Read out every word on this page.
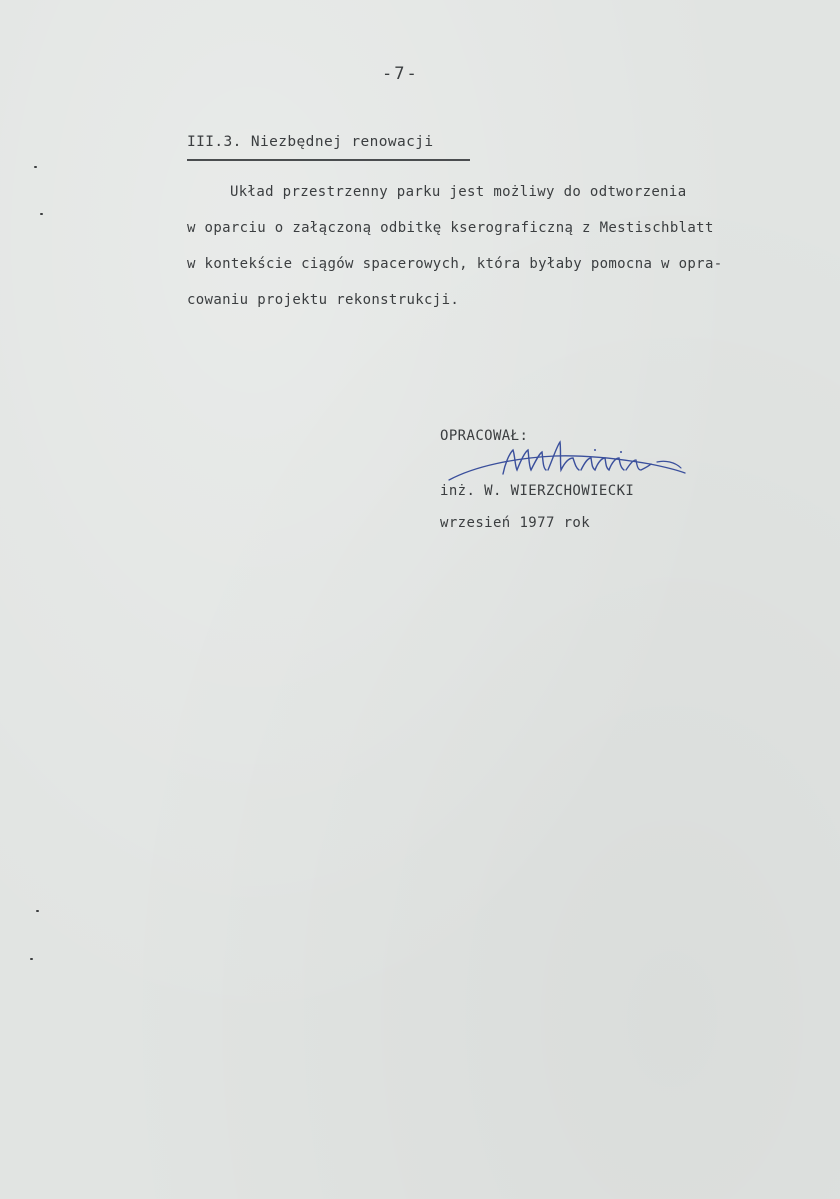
-7-
III.3. Niezbędnej renowacji
Układ przestrzenny parku jest możliwy do odtworzenia
w oparciu o załączoną odbitkę kserograficzną z Mestischblatt
w kontekście ciągów spacerowych, która byłaby pomocna w opra-
cowaniu projektu rekonstrukcji.
OPRACOWAŁ:
inż. W. WIERZCHOWIECKI
wrzesień 1977 rok
